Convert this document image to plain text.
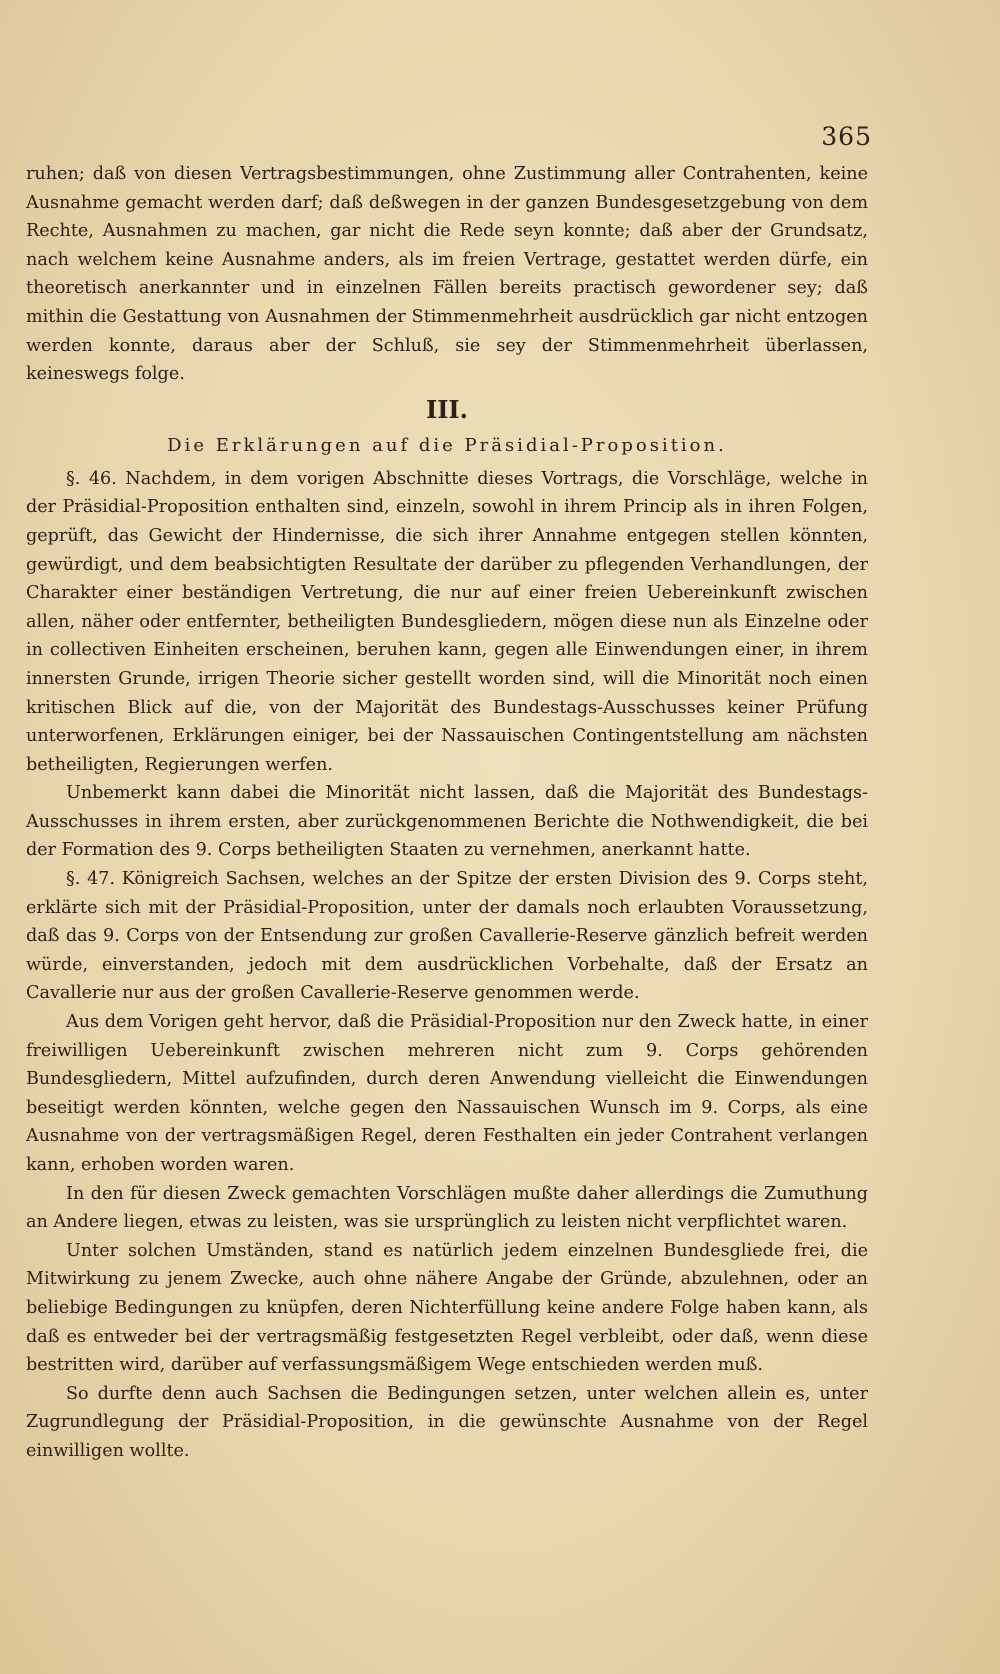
365

ruhen; daß von diesen Vertragsbestimmungen, ohne Zustimmung aller Contrahenten, keine Ausnahme gemacht werden darf; daß deßwegen in der ganzen Bundesgesetzgebung von dem Rechte, Ausnahmen zu machen, gar nicht die Rede seyn konnte; daß aber der Grundsatz, nach welchem keine Ausnahme anders, als im freien Vertrage, gestattet werden dürfe, ein theoretisch anerkannter und in einzelnen Fällen bereits practisch gewordener sey; daß mithin die Gestattung von Ausnahmen der Stimmenmehrheit ausdrücklich gar nicht entzogen werden konnte, daraus aber der Schluß, sie sey der Stimmenmehrheit überlassen, keineswegs folge.

III.
Die Erklärungen auf die Präsidial-Proposition.

§. 46. Nachdem, in dem vorigen Abschnitte dieses Vortrags, die Vorschläge, welche in der Präsidial-Proposition enthalten sind, einzeln, sowohl in ihrem Princip als in ihren Folgen, geprüft, das Gewicht der Hindernisse, die sich ihrer Annahme entgegen stellen könnten, gewürdigt, und dem beabsichtigten Resultate der darüber zu pflegenden Verhandlungen, der Charakter einer beständigen Vertretung, die nur auf einer freien Uebereinkunft zwischen allen, näher oder entfernter, betheiligten Bundesgliedern, mögen diese nun als Einzelne oder in collectiven Einheiten erscheinen, beruhen kann, gegen alle Einwendungen einer, in ihrem innersten Grunde, irrigen Theorie sicher gestellt worden sind, will die Minorität noch einen kritischen Blick auf die, von der Majorität des Bundestags-Ausschusses keiner Prüfung unterworfenen, Erklärungen einiger, bei der Nassauischen Contingentstellung am nächsten betheiligten, Regierungen werfen.

Unbemerkt kann dabei die Minorität nicht lassen, daß die Majorität des Bundestags-Ausschusses in ihrem ersten, aber zurückgenommenen Berichte die Nothwendigkeit, die bei der Formation des 9. Corps betheiligten Staaten zu vernehmen, anerkannt hatte.

§. 47. Königreich Sachsen, welches an der Spitze der ersten Division des 9. Corps steht, erklärte sich mit der Präsidial-Proposition, unter der damals noch erlaubten Voraussetzung, daß das 9. Corps von der Entsendung zur großen Cavallerie-Reserve gänzlich befreit werden würde, einverstanden, jedoch mit dem ausdrücklichen Vorbehalte, daß der Ersatz an Cavallerie nur aus der großen Cavallerie-Reserve genommen werde.

Aus dem Vorigen geht hervor, daß die Präsidial-Proposition nur den Zweck hatte, in einer freiwilligen Uebereinkunft zwischen mehreren nicht zum 9. Corps gehörenden Bundesgliedern, Mittel aufzufinden, durch deren Anwendung vielleicht die Einwendungen beseitigt werden könnten, welche gegen den Nassauischen Wunsch im 9. Corps, als eine Ausnahme von der vertragsmäßigen Regel, deren Festhalten ein jeder Contrahent verlangen kann, erhoben worden waren.

In den für diesen Zweck gemachten Vorschlägen mußte daher allerdings die Zumuthung an Andere liegen, etwas zu leisten, was sie ursprünglich zu leisten nicht verpflichtet waren.

Unter solchen Umständen, stand es natürlich jedem einzelnen Bundesgliede frei, die Mitwirkung zu jenem Zwecke, auch ohne nähere Angabe der Gründe, abzulehnen, oder an beliebige Bedingungen zu knüpfen, deren Nichterfüllung keine andere Folge haben kann, als daß es entweder bei der vertragsmäßig festgesetzten Regel verbleibt, oder daß, wenn diese bestritten wird, darüber auf verfassungsmäßigem Wege entschieden werden muß.

So durfte denn auch Sachsen die Bedingungen setzen, unter welchen allein es, unter Zugrundlegung der Präsidial-Proposition, in die gewünschte Ausnahme von der Regel einwilligen wollte.
